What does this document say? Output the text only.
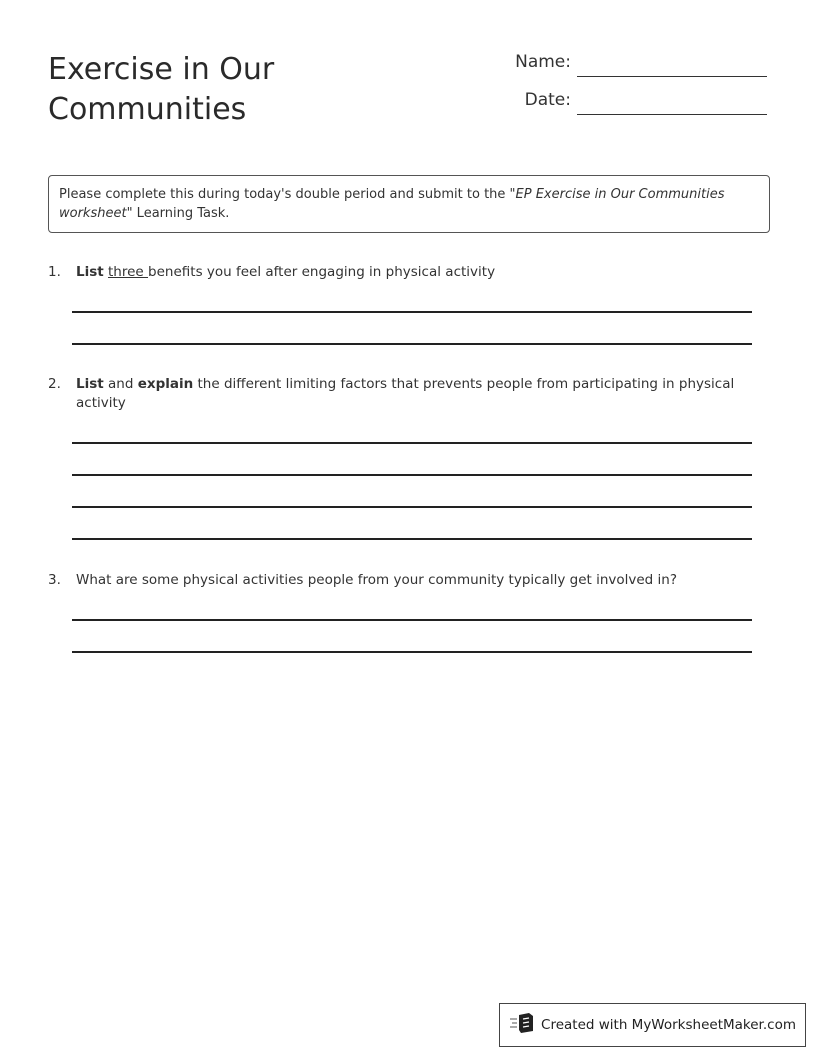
Exercise in Our Communities
Name:
Date:
Please complete this during today's double period and submit to the "EP Exercise in Our Communities worksheet" Learning Task.
1. List three benefits you feel after engaging in physical activity
2. List and explain the different limiting factors that prevents people from participating in physical activity
3. What are some physical activities people from your community typically get involved in?
Created with MyWorksheetMaker.com
